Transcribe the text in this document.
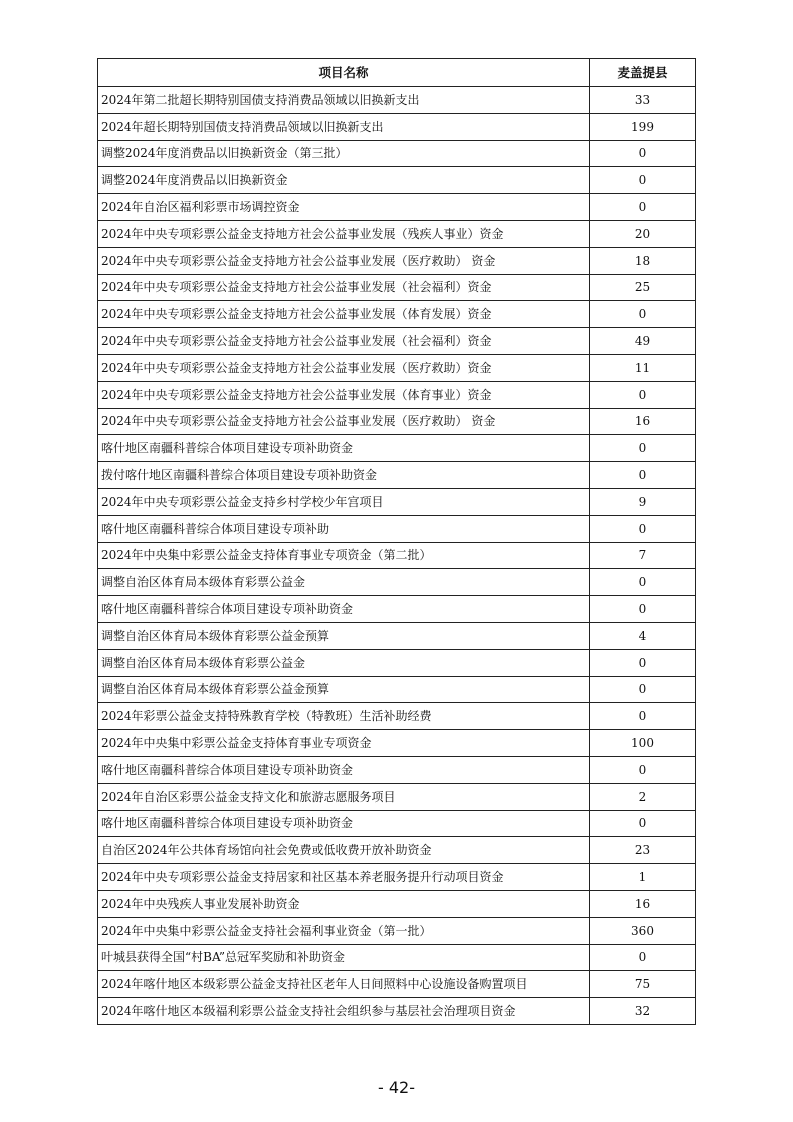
项目名称	麦盖提县
2024年第二批超长期特别国债支持消费品领域以旧换新支出	33
2024年超长期特别国债支持消费品领域以旧换新支出	199
调整2024年度消费品以旧换新资金（第三批）	0
调整2024年度消费品以旧换新资金	0
2024年自治区福利彩票市场调控资金	0
2024年中央专项彩票公益金支持地方社会公益事业发展（残疾人事业）资金	20
2024年中央专项彩票公益金支持地方社会公益事业发展（医疗救助） 资金	18
2024年中央专项彩票公益金支持地方社会公益事业发展（社会福利）资金	25
2024年中央专项彩票公益金支持地方社会公益事业发展（体育发展）资金	0
2024年中央专项彩票公益金支持地方社会公益事业发展（社会福利）资金	49
2024年中央专项彩票公益金支持地方社会公益事业发展（医疗救助）资金	11
2024年中央专项彩票公益金支持地方社会公益事业发展（体育事业）资金	0
2024年中央专项彩票公益金支持地方社会公益事业发展（医疗救助） 资金	16
喀什地区南疆科普综合体项目建设专项补助资金	0
拨付喀什地区南疆科普综合体项目建设专项补助资金	0
2024年中央专项彩票公益金支持乡村学校少年宫项目	9
喀什地区南疆科普综合体项目建设专项补助	0
2024年中央集中彩票公益金支持体育事业专项资金（第二批）	7
调整自治区体育局本级体育彩票公益金	0
喀什地区南疆科普综合体项目建设专项补助资金	0
调整自治区体育局本级体育彩票公益金预算	4
调整自治区体育局本级体育彩票公益金	0
调整自治区体育局本级体育彩票公益金预算	0
2024年彩票公益金支持特殊教育学校（特教班）生活补助经费	0
2024年中央集中彩票公益金支持体育事业专项资金	100
喀什地区南疆科普综合体项目建设专项补助资金	0
2024年自治区彩票公益金支持文化和旅游志愿服务项目	2
喀什地区南疆科普综合体项目建设专项补助资金	0
自治区2024年公共体育场馆向社会免费或低收费开放补助资金	23
2024年中央专项彩票公益金支持居家和社区基本养老服务提升行动项目资金	1
2024年中央残疾人事业发展补助资金	16
2024年中央集中彩票公益金支持社会福利事业资金（第一批）	360
叶城县获得全国“村BA”总冠军奖励和补助资金	0
2024年喀什地区本级彩票公益金支持社区老年人日间照料中心设施设备购置项目	75
2024年喀什地区本级福利彩票公益金支持社会组织参与基层社会治理项目资金	32
- 42-
